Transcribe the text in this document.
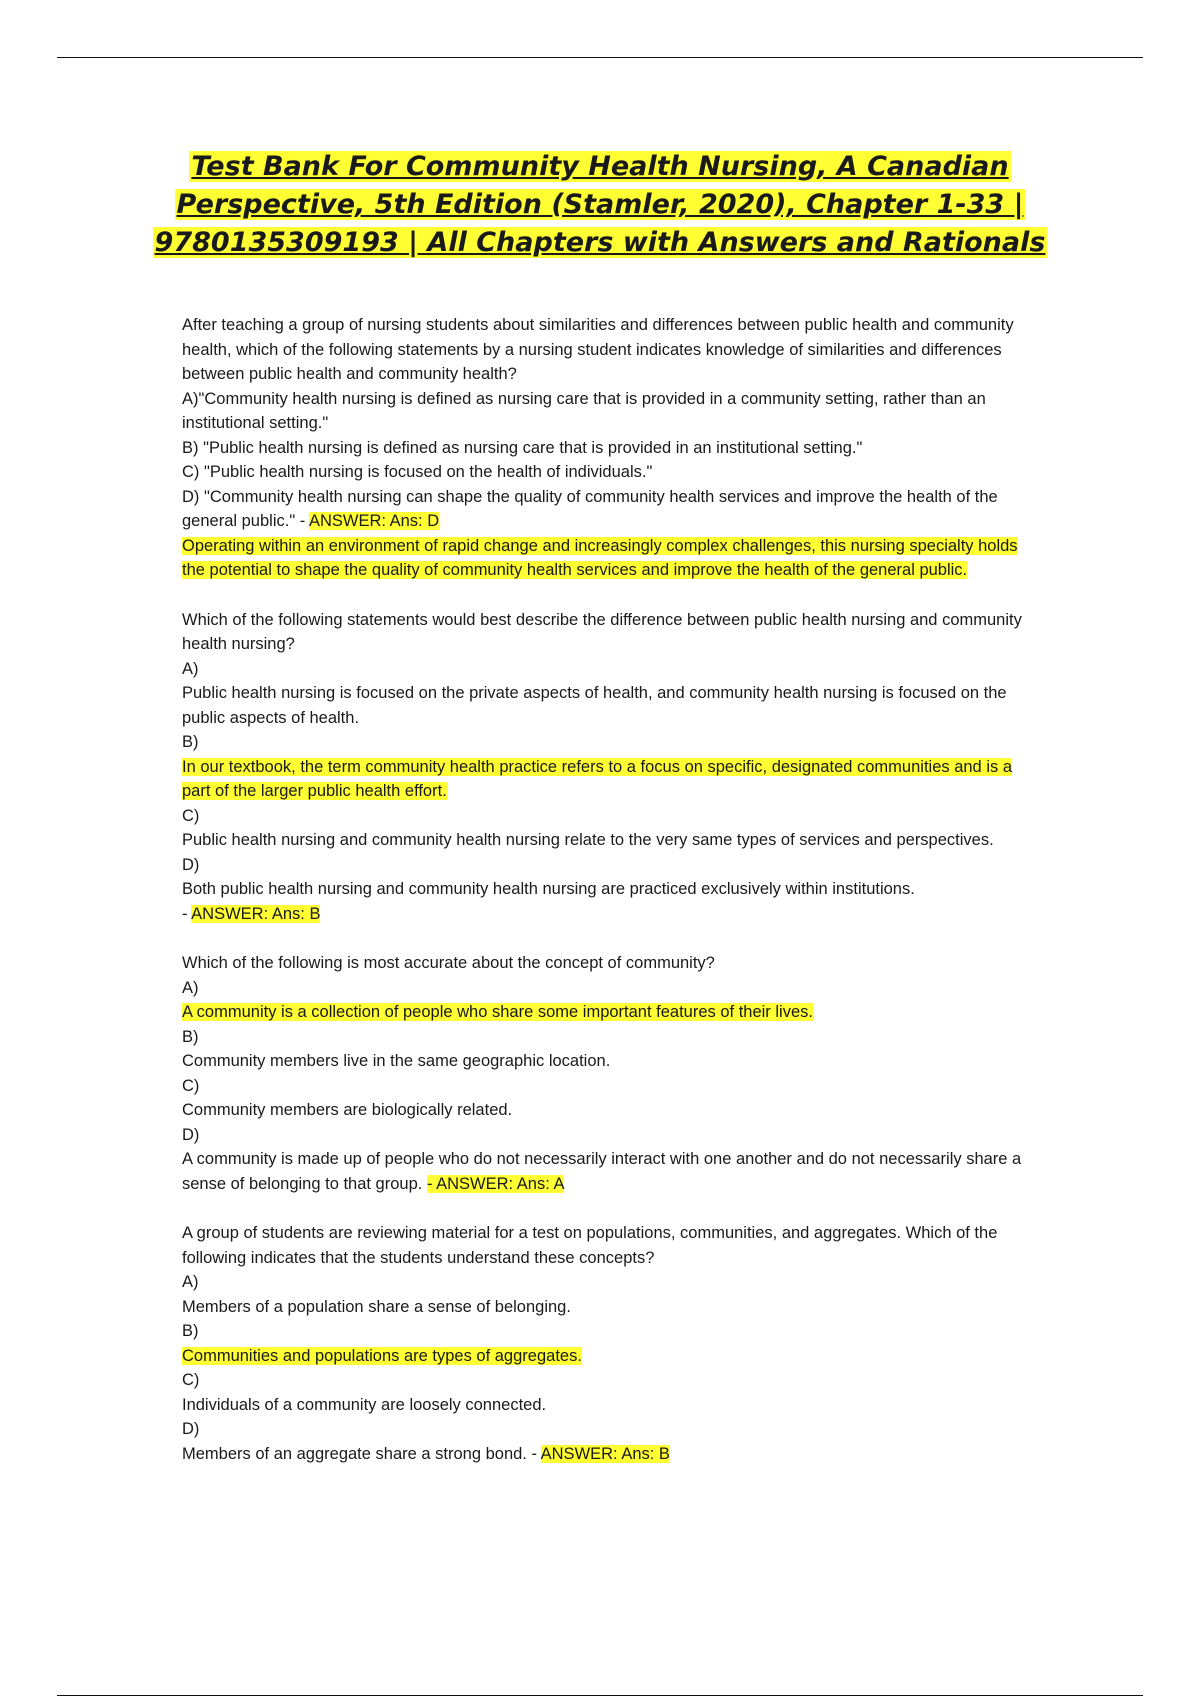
Test Bank For Community Health Nursing, A Canadian Perspective, 5th Edition (Stamler, 2020), Chapter 1-33 | 9780135309193 | All Chapters with Answers and Rationals

After teaching a group of nursing students about similarities and differences between public health and community health, which of the following statements by a nursing student indicates knowledge of similarities and differences between public health and community health?

A)"Community health nursing is defined as nursing care that is provided in a community setting, rather than an institutional setting."

B) "Public health nursing is defined as nursing care that is provided in an institutional setting."

C) "Public health nursing is focused on the health of individuals."

D) "Community health nursing can shape the quality of community health services and improve the health of the general public." - ANSWER: Ans: D

Operating within an environment of rapid change and increasingly complex challenges, this nursing specialty holds the potential to shape the quality of community health services and improve the health of the general public.

Which of the following statements would best describe the difference between public health nursing and community health nursing?

A)

Public health nursing is focused on the private aspects of health, and community health nursing is focused on the public aspects of health.

B)

In our textbook, the term community health practice refers to a focus on specific, designated communities and is a part of the larger public health effort.

C)

Public health nursing and community health nursing relate to the very same types of services and perspectives.

D)

Both public health nursing and community health nursing are practiced exclusively within institutions.

- ANSWER: Ans: B

Which of the following is most accurate about the concept of community?

A)

A community is a collection of people who share some important features of their lives.

B)

Community members live in the same geographic location.

C)

Community members are biologically related.

D)

A community is made up of people who do not necessarily interact with one another and do not necessarily share a sense of belonging to that group. - ANSWER: Ans: A

A group of students are reviewing material for a test on populations, communities, and aggregates. Which of the following indicates that the students understand these concepts?

A)

Members of a population share a sense of belonging.

B)

Communities and populations are types of aggregates.

C)

Individuals of a community are loosely connected.

D)

Members of an aggregate share a strong bond. - ANSWER: Ans: B
